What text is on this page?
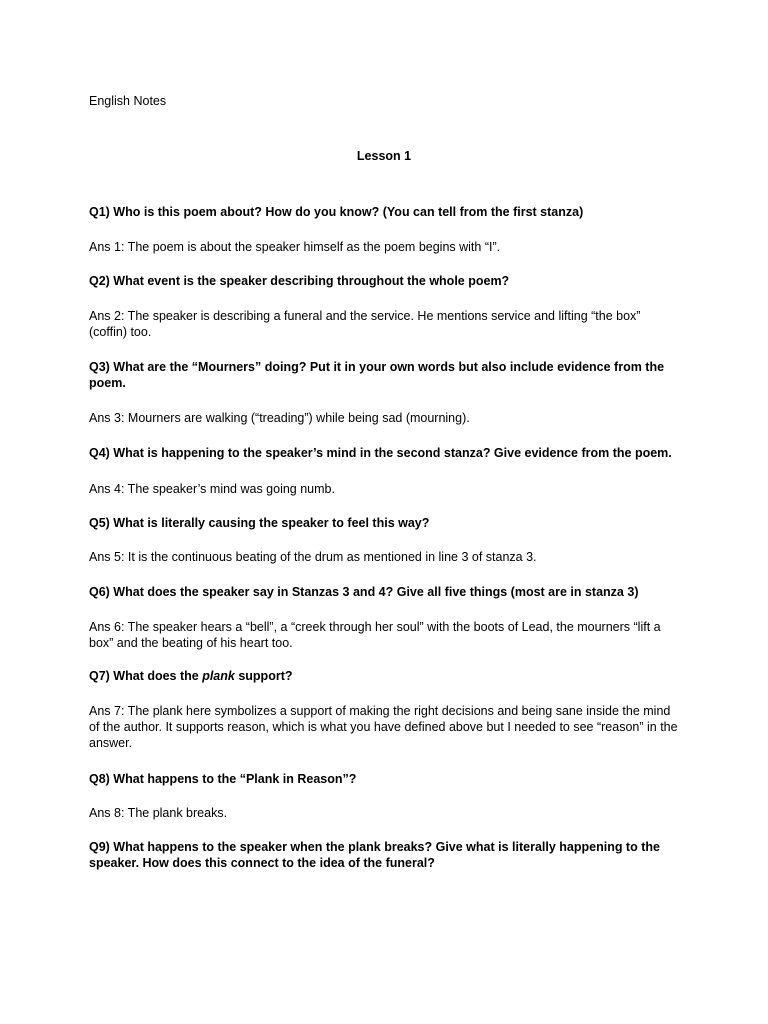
English Notes
Lesson 1

Q1) Who is this poem about? How do you know? (You can tell from the first stanza)

Ans 1: The poem is about the speaker himself as the poem begins with “I”.

Q2) What event is the speaker describing throughout the whole poem?

Ans 2: The speaker is describing a funeral and the service. He mentions service and lifting “the box” (coffin) too.

Q3) What are the “Mourners” doing? Put it in your own words but also include evidence from the poem.

Ans 3: Mourners are walking (“treading”) while being sad (mourning).

Q4) What is happening to the speaker’s mind in the second stanza? Give evidence from the poem.

Ans 4: The speaker’s mind was going numb.

Q5) What is literally causing the speaker to feel this way?

Ans 5: It is the continuous beating of the drum as mentioned in line 3 of stanza 3.

Q6) What does the speaker say in Stanzas 3 and 4? Give all five things (most are in stanza 3)

Ans 6: The speaker hears a “bell”, a “creek through her soul” with the boots of Lead, the mourners “lift a box” and the beating of his heart too.

Q7) What does the plank support?

Ans 7: The plank here symbolizes a support of making the right decisions and being sane inside the mind of the author. It supports reason, which is what you have defined above but I needed to see “reason” in the answer.

Q8) What happens to the “Plank in Reason”?

Ans 8: The plank breaks.

Q9) What happens to the speaker when the plank breaks? Give what is literally happening to the speaker. How does this connect to the idea of the funeral?
